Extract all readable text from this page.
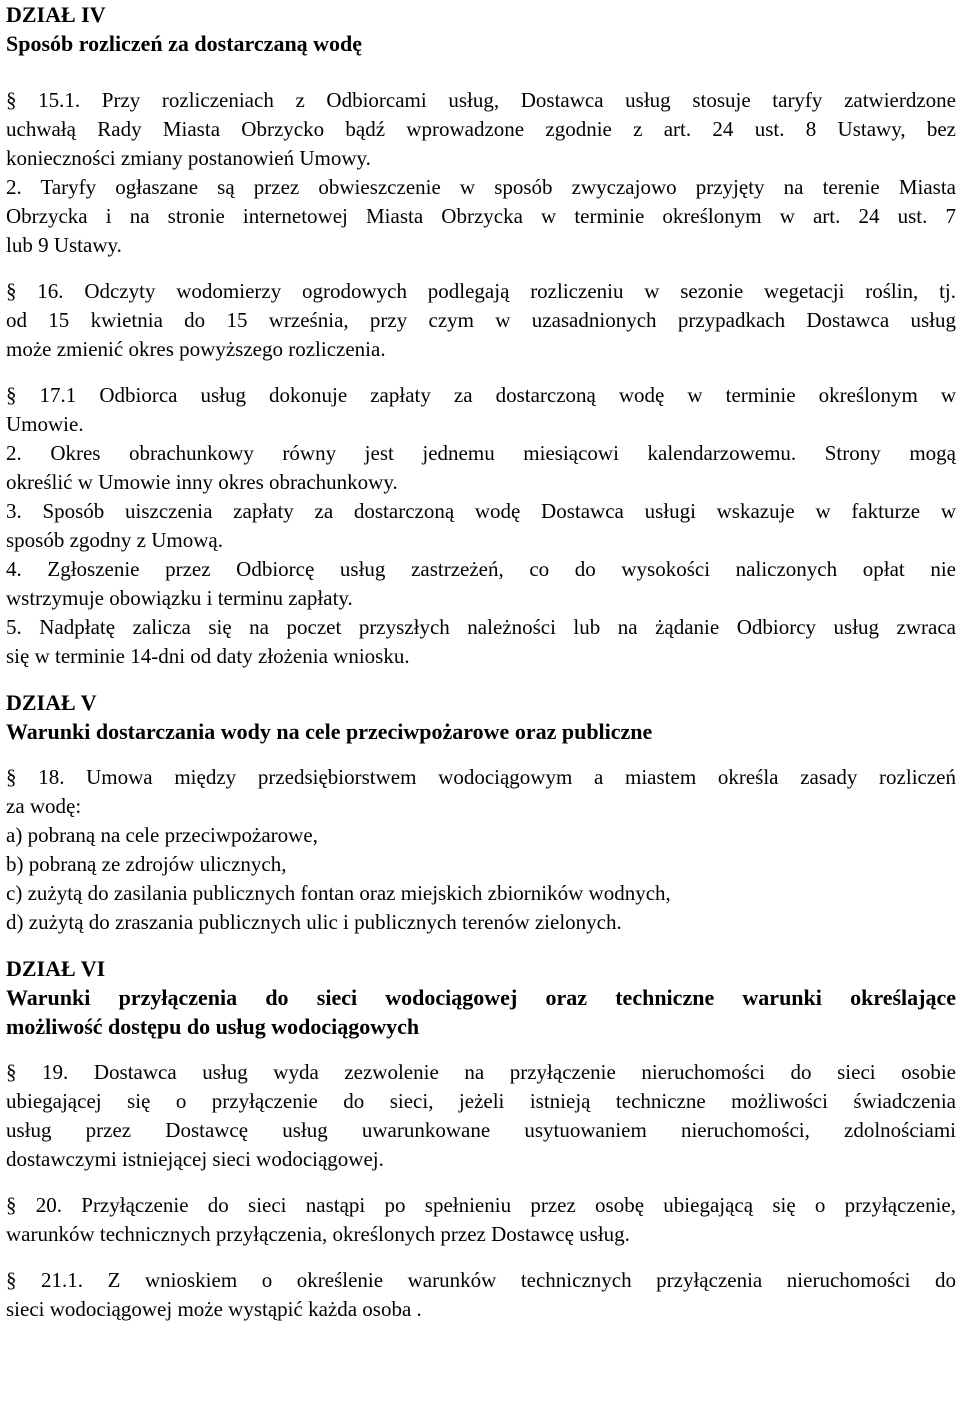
DZIAŁ IV
Sposób rozliczeń za dostarczaną wodę
§ 15.1. Przy rozliczeniach z Odbiorcami usług, Dostawca usług stosuje taryfy zatwierdzone
uchwałą Rady Miasta Obrzycko bądź wprowadzone zgodnie z art. 24 ust. 8 Ustawy, bez
konieczności zmiany postanowień Umowy.
2. Taryfy ogłaszane są przez obwieszczenie w sposób zwyczajowo przyjęty na terenie Miasta
Obrzycka i na stronie internetowej Miasta Obrzycka w terminie określonym w art. 24 ust. 7
lub 9 Ustawy.
§ 16. Odczyty wodomierzy ogrodowych podlegają rozliczeniu w sezonie wegetacji roślin, tj.
od 15 kwietnia do 15 września, przy czym w uzasadnionych przypadkach Dostawca usług
może zmienić okres powyższego rozliczenia.
§ 17.1 Odbiorca usług dokonuje zapłaty za dostarczoną wodę w terminie określonym w
Umowie.
2. Okres obrachunkowy równy jest jednemu miesiącowi kalendarzowemu. Strony mogą
określić w Umowie inny okres obrachunkowy.
3. Sposób uiszczenia zapłaty za dostarczoną wodę Dostawca usługi wskazuje w fakturze w
sposób zgodny z Umową.
4. Zgłoszenie przez Odbiorcę usług zastrzeżeń, co do wysokości naliczonych opłat nie
wstrzymuje obowiązku i terminu zapłaty.
5. Nadpłatę zalicza się na poczet przyszłych należności lub na żądanie Odbiorcy usług zwraca
się w terminie 14-dni od daty złożenia wniosku.
DZIAŁ V
Warunki dostarczania wody na cele przeciwpożarowe oraz publiczne
§ 18. Umowa między przedsiębiorstwem wodociągowym a miastem określa zasady rozliczeń
za wodę:
a) pobraną na cele przeciwpożarowe,
b) pobraną ze zdrojów ulicznych,
c) zużytą do zasilania publicznych fontan oraz miejskich zbiorników wodnych,
d) zużytą do zraszania publicznych ulic i publicznych terenów zielonych.
DZIAŁ VI
Warunki przyłączenia do sieci wodociągowej oraz techniczne warunki określające
możliwość dostępu do usług wodociągowych
§ 19. Dostawca usług wyda zezwolenie na przyłączenie nieruchomości do sieci osobie
ubiegającej się o przyłączenie do sieci, jeżeli istnieją techniczne możliwości świadczenia
usług przez Dostawcę usług uwarunkowane usytuowaniem nieruchomości, zdolnościami
dostawczymi istniejącej sieci wodociągowej.
§ 20. Przyłączenie do sieci nastąpi po spełnieniu przez osobę ubiegającą się o przyłączenie,
warunków technicznych przyłączenia, określonych przez Dostawcę usług.
§ 21.1. Z wnioskiem o określenie warunków technicznych przyłączenia nieruchomości do
sieci wodociągowej może wystąpić każda osoba .
